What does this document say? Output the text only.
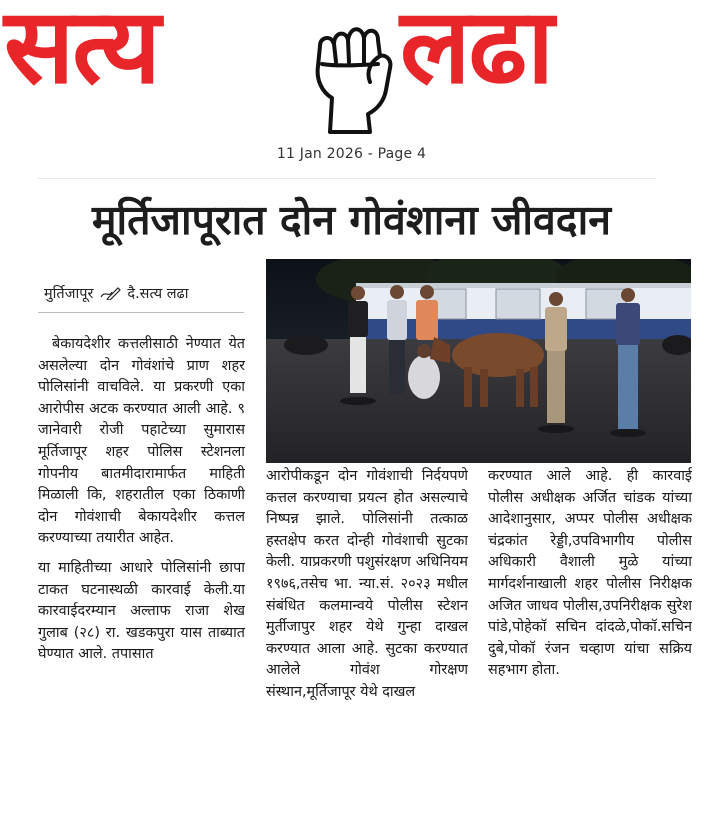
सत्य लढा
11 Jan 2026 - Page 4
मूर्तिजापूरात दोन गोवंशाना जीवदान
मुर्तिजापूर दै.सत्य लढा

बेकायदेशीर कत्तलीसाठी नेण्यात येत असलेल्या दोन गोवंशांचे प्राण शहर पोलिसांनी वाचविले. या प्रकरणी एका आरोपीस अटक करण्यात आली आहे. ९ जानेवारी रोजी पहाटेच्या सुमारास मूर्तिजापूर शहर पोलिस स्टेशनला गोपनीय बातमीदारामार्फत माहिती मिळाली कि, शहरातील एका ठिकाणी दोन गोवंशाची बेकायदेशीर कत्तल करण्याच्या तयारीत आहेत.

या माहितीच्या आधारे पोलिसांनी छापा टाकत घटनास्थळी कारवाई केली.या कारवाईदरम्यान अल्ताफ राजा शेख गुलाब (२८) रा. खडकपुरा यास ताब्यात घेण्यात आले. तपासात

आरोपीकडून दोन गोवंशाची निर्दयपणे कत्तल करण्याचा प्रयत्न होत असल्याचे निष्पन्न झाले. पोलिसांनी तत्काळ हस्तक्षेप करत दोन्ही गोवंशाची सुटका केली. याप्रकरणी पशुसंरक्षण अधिनियम १९७६,तसेच भा. न्या.सं. २०२३ मधील संबंधित कलमान्वये पोलीस स्टेशन मुर्तीजापुर शहर येथे गुन्हा दाखल करण्यात आला आहे. सुटका करण्यात आलेले गोवंश गोरक्षण संस्थान,मूर्तिजापूर येथे दाखल

करण्यात आले आहे. ही कारवाई पोलीस अधीक्षक अर्जित चांडक यांच्या आदेशानुसार, अप्पर पोलीस अधीक्षक चंद्रकांत रेड्डी,उपविभागीय पोलीस अधिकारी वैशाली मुळे यांच्या मार्गदर्शनाखाली शहर पोलीस निरीक्षक अजित जाधव पोलीस,उपनिरीक्षक सुरेश पांडे,पोहेकॉ सचिन दांदळे,पोकॉ.सचिन दुबे,पोकॉ रंजन चव्हाण यांचा सक्रिय सहभाग होता.
